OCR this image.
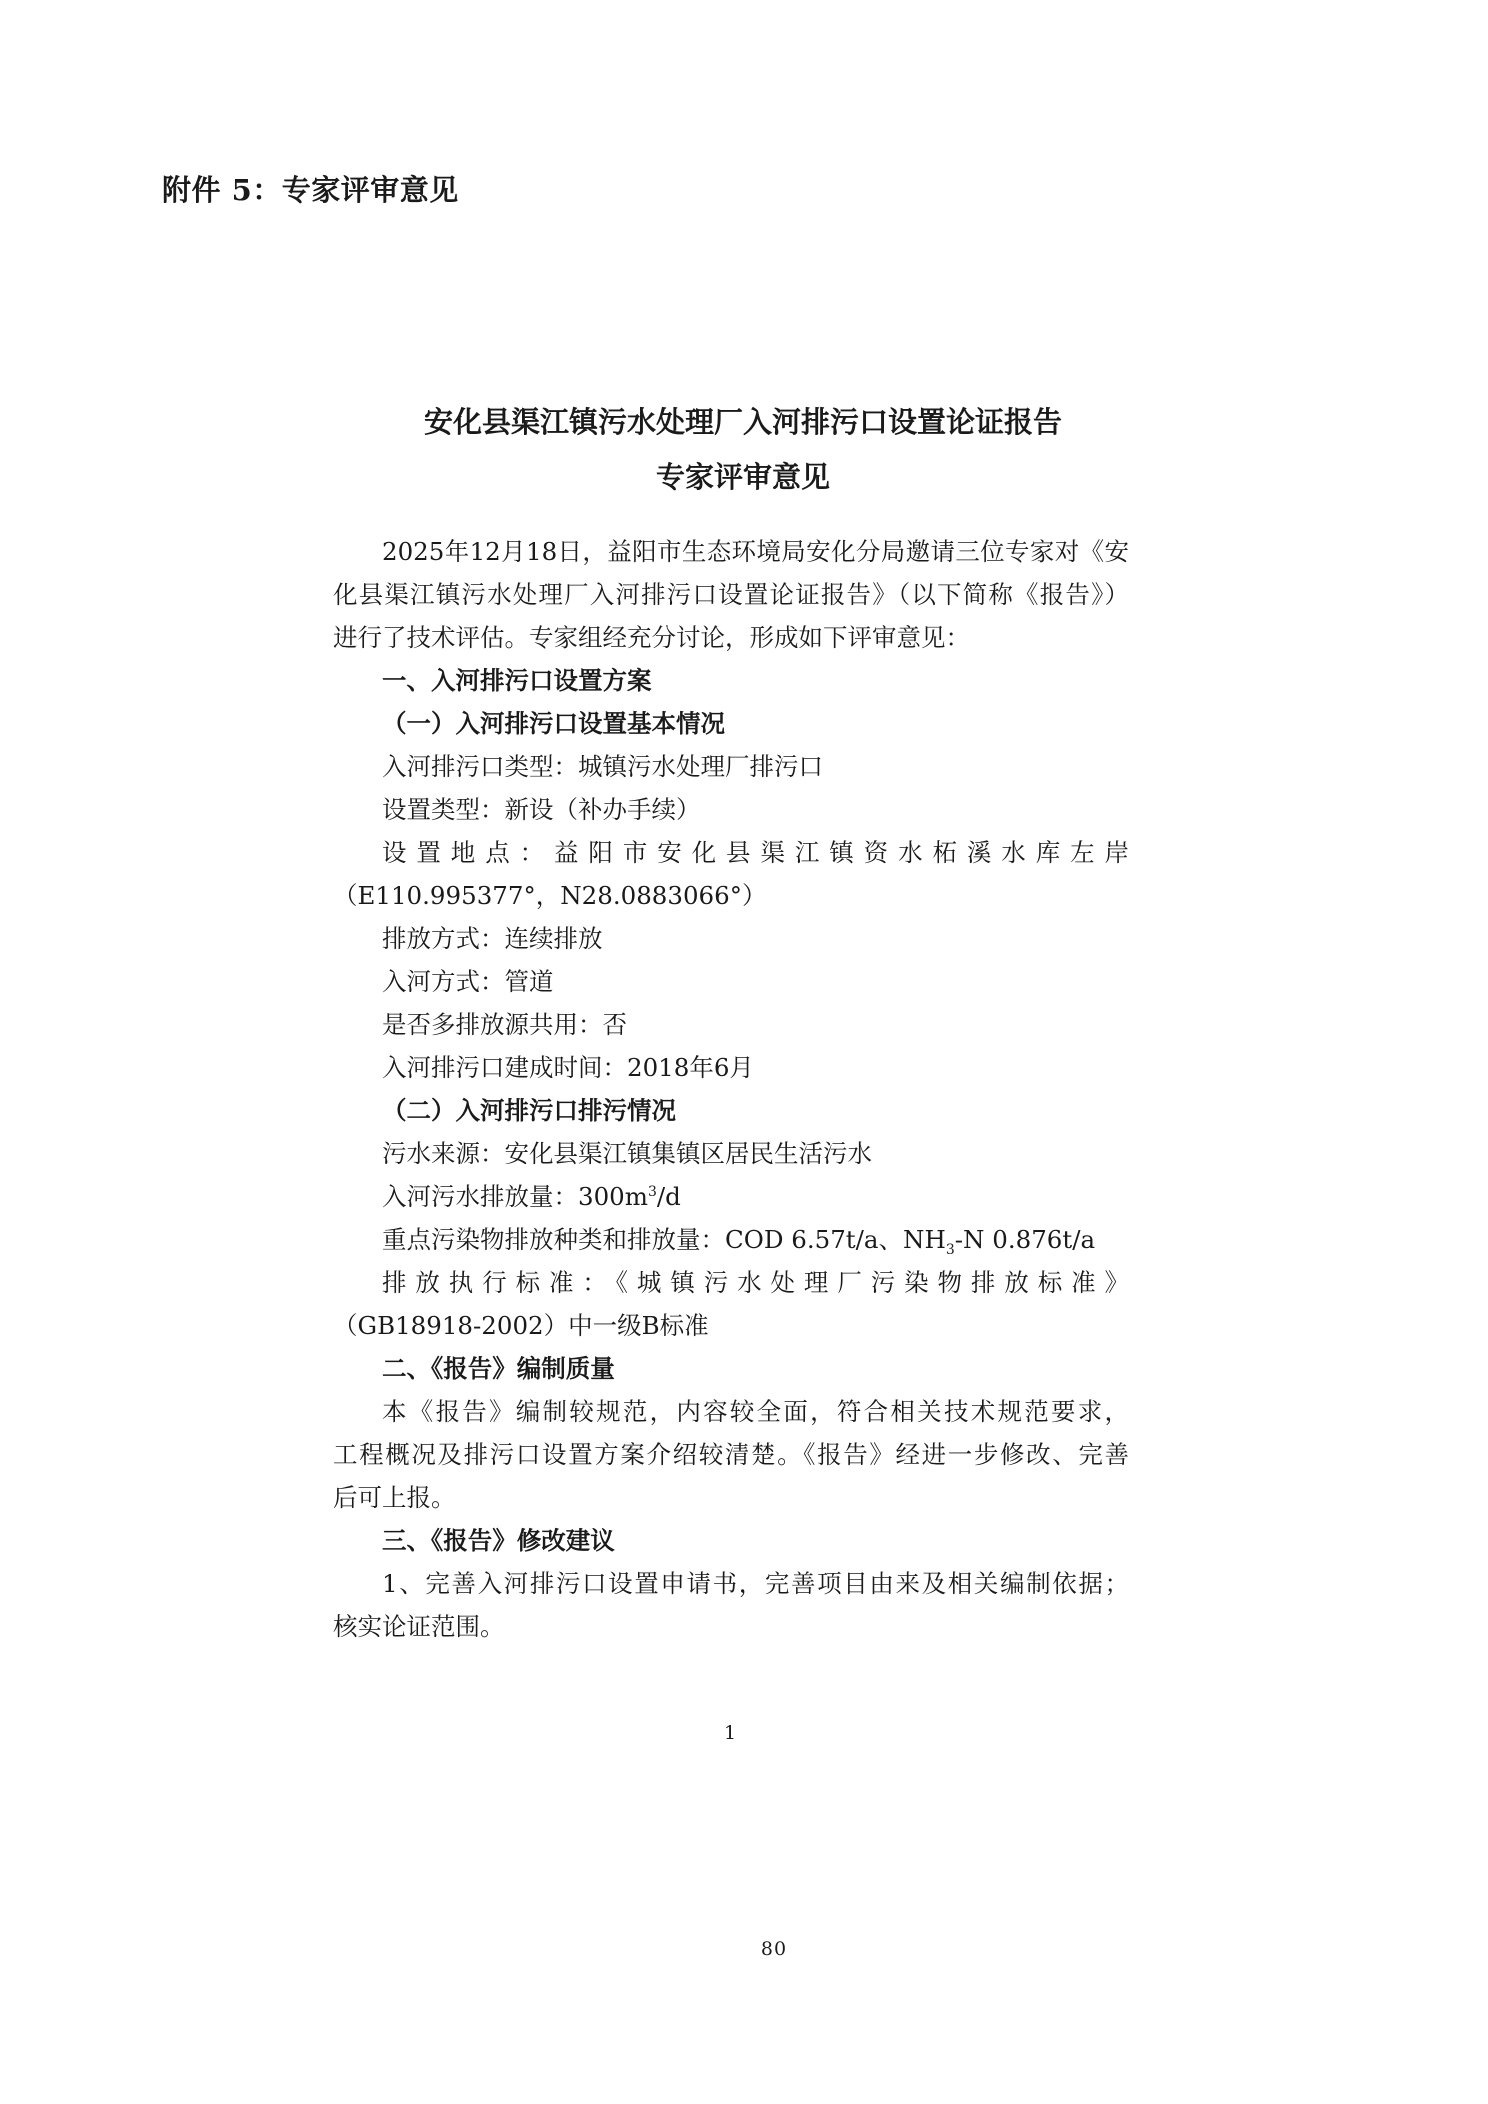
附件 5：专家评审意见
安化县渠江镇污水处理厂入河排污口设置论证报告
专家评审意见

2025年12月18日，益阳市生态环境局安化分局邀请三位专家对《安

化县渠江镇污水处理厂入河排污口设置论证报告》（以下简称《报告》）

进行了技术评估。专家组经充分讨论，形成如下评审意见：

一、入河排污口设置方案

（一）入河排污口设置基本情况

入河排污口类型：城镇污水处理厂排污口

设置类型：新设（补办手续）

设置地点：益阳市安化县渠江镇资水柘溪水库左岸

（E110.995377°，N28.0883066°）

排放方式：连续排放

入河方式：管道

是否多排放源共用：否

入河排污口建成时间：2018年6月

（二）入河排污口排污情况

污水来源：安化县渠江镇集镇区居民生活污水

入河污水排放量：$300m^3/d$

重点污染物排放种类和排放量：COD 6.57t/a、$NH_3-N$ 0.876t/a

排放执行标准：《城镇污水处理厂污染物排放标准》

（GB18918-2002）中一级B标准

二、《报告》编制质量

本《报告》编制较规范，内容较全面，符合相关技术规范要求，

工程概况及排污口设置方案介绍较清楚。《报告》经进一步修改、完善

后可上报。

三、《报告》修改建议

1、完善入河排污口设置申请书，完善项目由来及相关编制依据；

核实论证范围。

1
80
